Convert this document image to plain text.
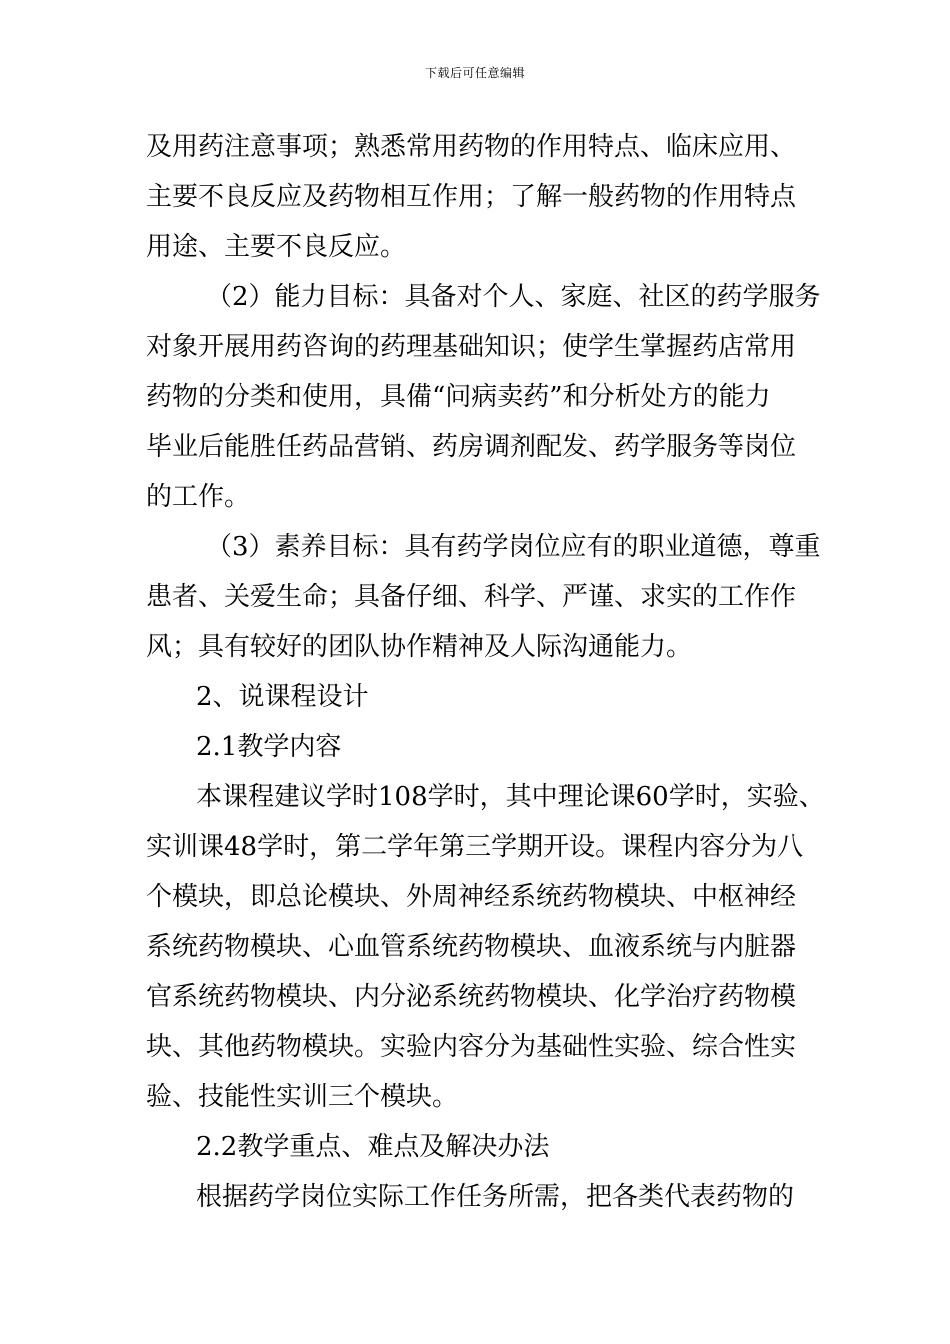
下载后可任意编辑
及用药注意事项；熟悉常用药物的作用特点、临床应用、
主要不良反应及药物相互作用；了解一般药物的作用特点
用途、主要不良反应。
（2）能力目标：具备对个人、家庭、社区的药学服务
对象开展用药咨询的药理基础知识；使学生掌握药店常用
药物的分类和使用，具備“问病卖药”和分析处方的能力
毕业后能胜任药品营销、药房调剂配发、药学服务等岗位
的工作。
（3）素养目标：具有药学岗位应有的职业道德，尊重
患者、关爱生命；具备仔细、科学、严谨、求实的工作作
风；具有较好的团队协作精神及人际沟通能力。
2、说课程设计
2.1教学内容
本课程建议学时108学时，其中理论课60学时，实验、
实训课48学时，第二学年第三学期开设。课程内容分为八
个模块，即总论模块、外周神经系统药物模块、中枢神经
系统药物模块、心血管系统药物模块、血液系统与内脏器
官系统药物模块、内分泌系统药物模块、化学治疗药物模
块、其他药物模块。实验内容分为基础性实验、综合性实
验、技能性实训三个模块。
2.2教学重点、难点及解决办法
根据药学岗位实际工作任务所需，把各类代表药物的
